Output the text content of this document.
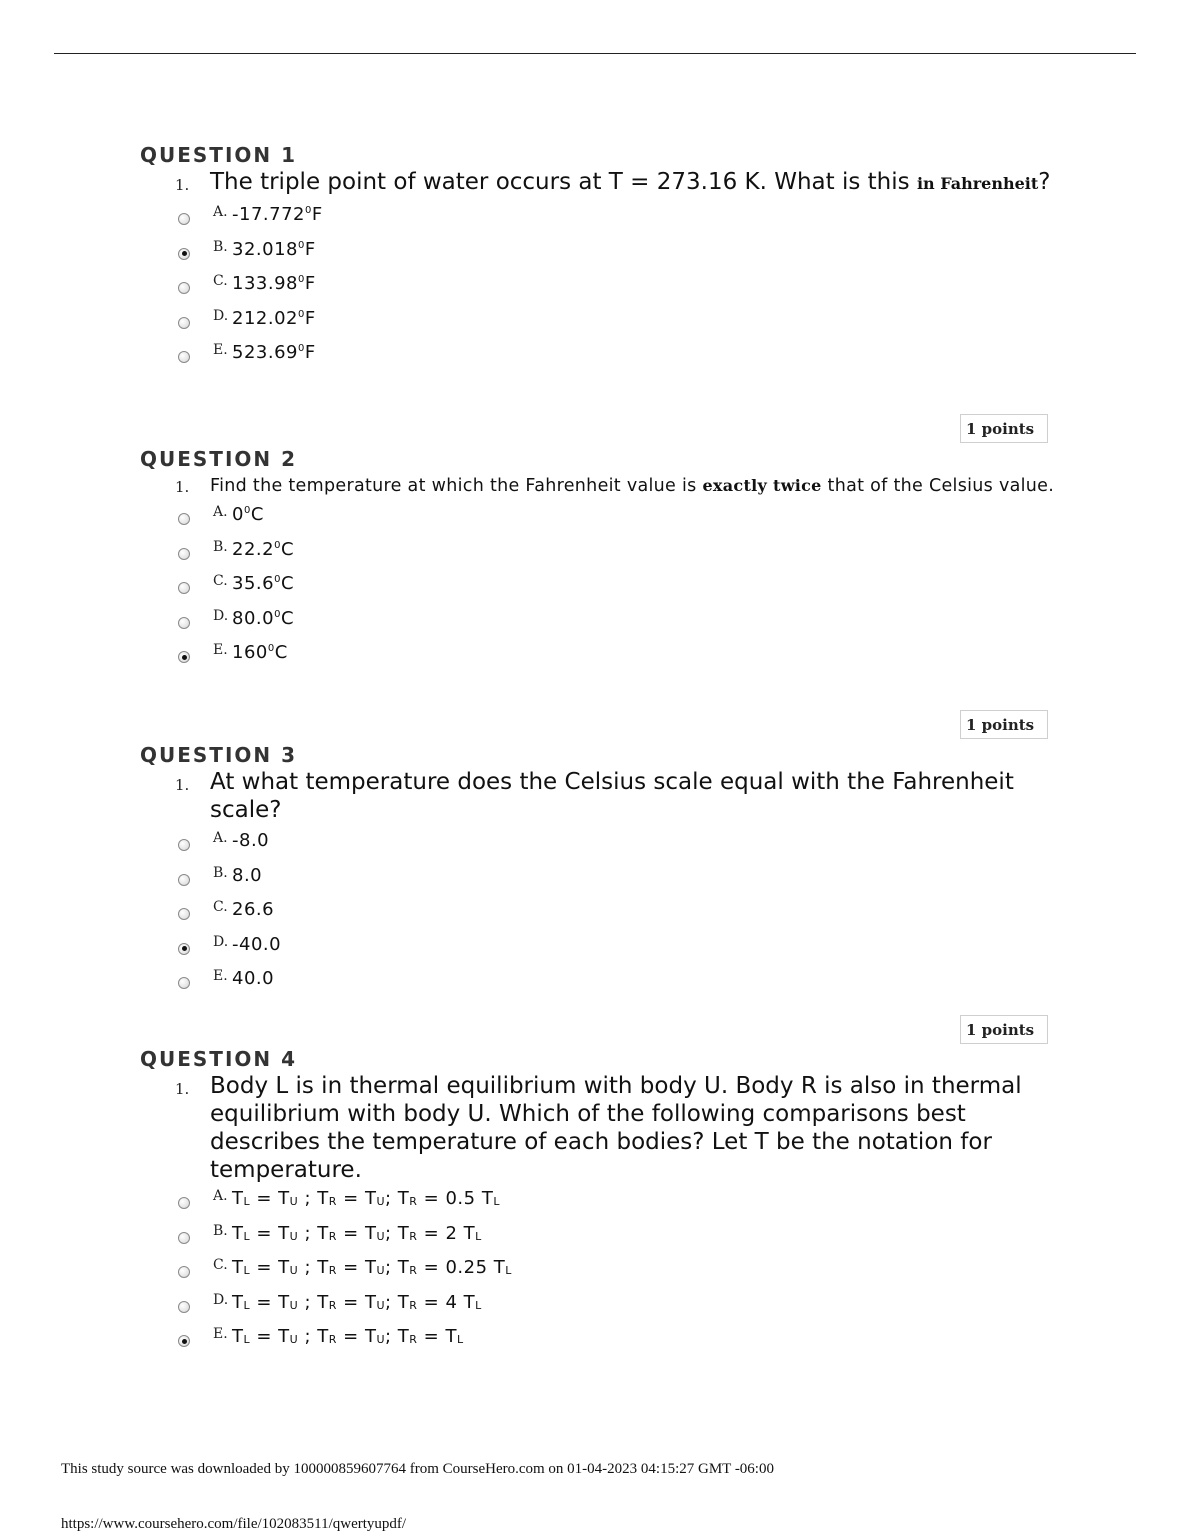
QUESTION 1
1. The triple point of water occurs at T = 273.16 K. What is this in Fahrenheit?
A. -17.772$^0$F
B. 32.018$^0$F
C. 133.98$^0$F
D. 212.02$^0$F
E. 523.69$^0$F
1 points
QUESTION 2
1. Find the temperature at which the Fahrenheit value is exactly twice that of the Celsius value.
A. $0^0C$
B. 22.2$^0$C
C. 35.6$^0$C
D. 80.0$^0$C
E. $160^0C$
1 points
QUESTION 3
1. At what temperature does the Celsius scale equal with the Fahrenheit scale?
A. -8.0
B. 8.0
C. 26.6
D. -40.0
E. 40.0
1 points
QUESTION 4
1. Body L is in thermal equilibrium with body U. Body R is also in thermal equilibrium with body U. Which of the following comparisons best describes the temperature of each bodies? Let T be the notation for temperature.
A. $T_L = T_U$ ; $T_R = T_U$; $T_R = 0.5$ $T_L$
B. $T_L = T_U$ ; $T_R = T_U$; $T_R = 2$ $T_L$
C. $T_L = T_U$ ; $T_R = T_U$; $T_R = 0.25$ $T_L$
D. $T_L = T_U$ ; $T_R = T_U$; $T_R = 4$ $T_L$
E. $T_L = T_U$ ; $T_R = T_U$; $T_R = T_L$
This study source was downloaded by 100000859607764 from CourseHero.com on 01-04-2023 04:15:27 GMT -06:00
https://www.coursehero.com/file/102083511/qwertyupdf/
